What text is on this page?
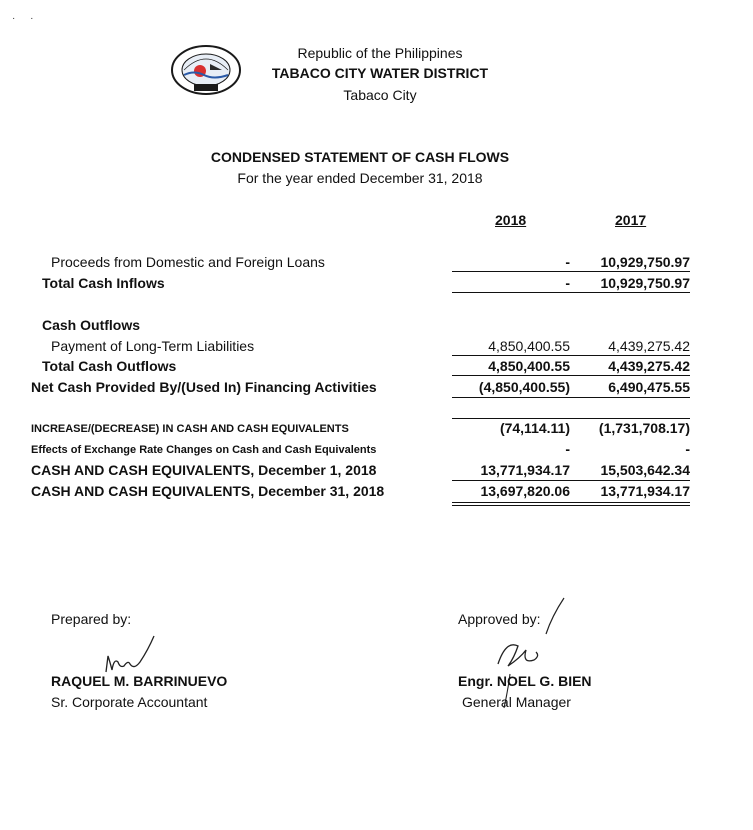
· ·
Republic of the Philippines
TABACO CITY WATER DISTRICT
Tabaco City
CONDENSED STATEMENT OF CASH FLOWS
For the year ended December 31, 2018
2018	2017
Proceeds from Domestic and Foreign Loans	-	10,929,750.97
Total Cash Inflows	-	10,929,750.97
Cash Outflows
Payment of Long-Term Liabilities	4,850,400.55	4,439,275.42
Total Cash Outflows	4,850,400.55	4,439,275.42
Net Cash Provided By/(Used In) Financing Activities	(4,850,400.55)	6,490,475.55
INCREASE/(DECREASE) IN CASH AND CASH EQUIVALENTS	(74,114.11)	(1,731,708.17)
Effects of Exchange Rate Changes on Cash and Cash Equivalents	-	-
CASH AND CASH EQUIVALENTS, December 1, 2018	13,771,934.17	15,503,642.34
CASH AND CASH EQUIVALENTS, December 31, 2018	13,697,820.06	13,771,934.17
Prepared by:
RAQUEL M. BARRINUEVO
Sr. Corporate Accountant
Approved by:
Engr. NOEL G. BIEN
General Manager
